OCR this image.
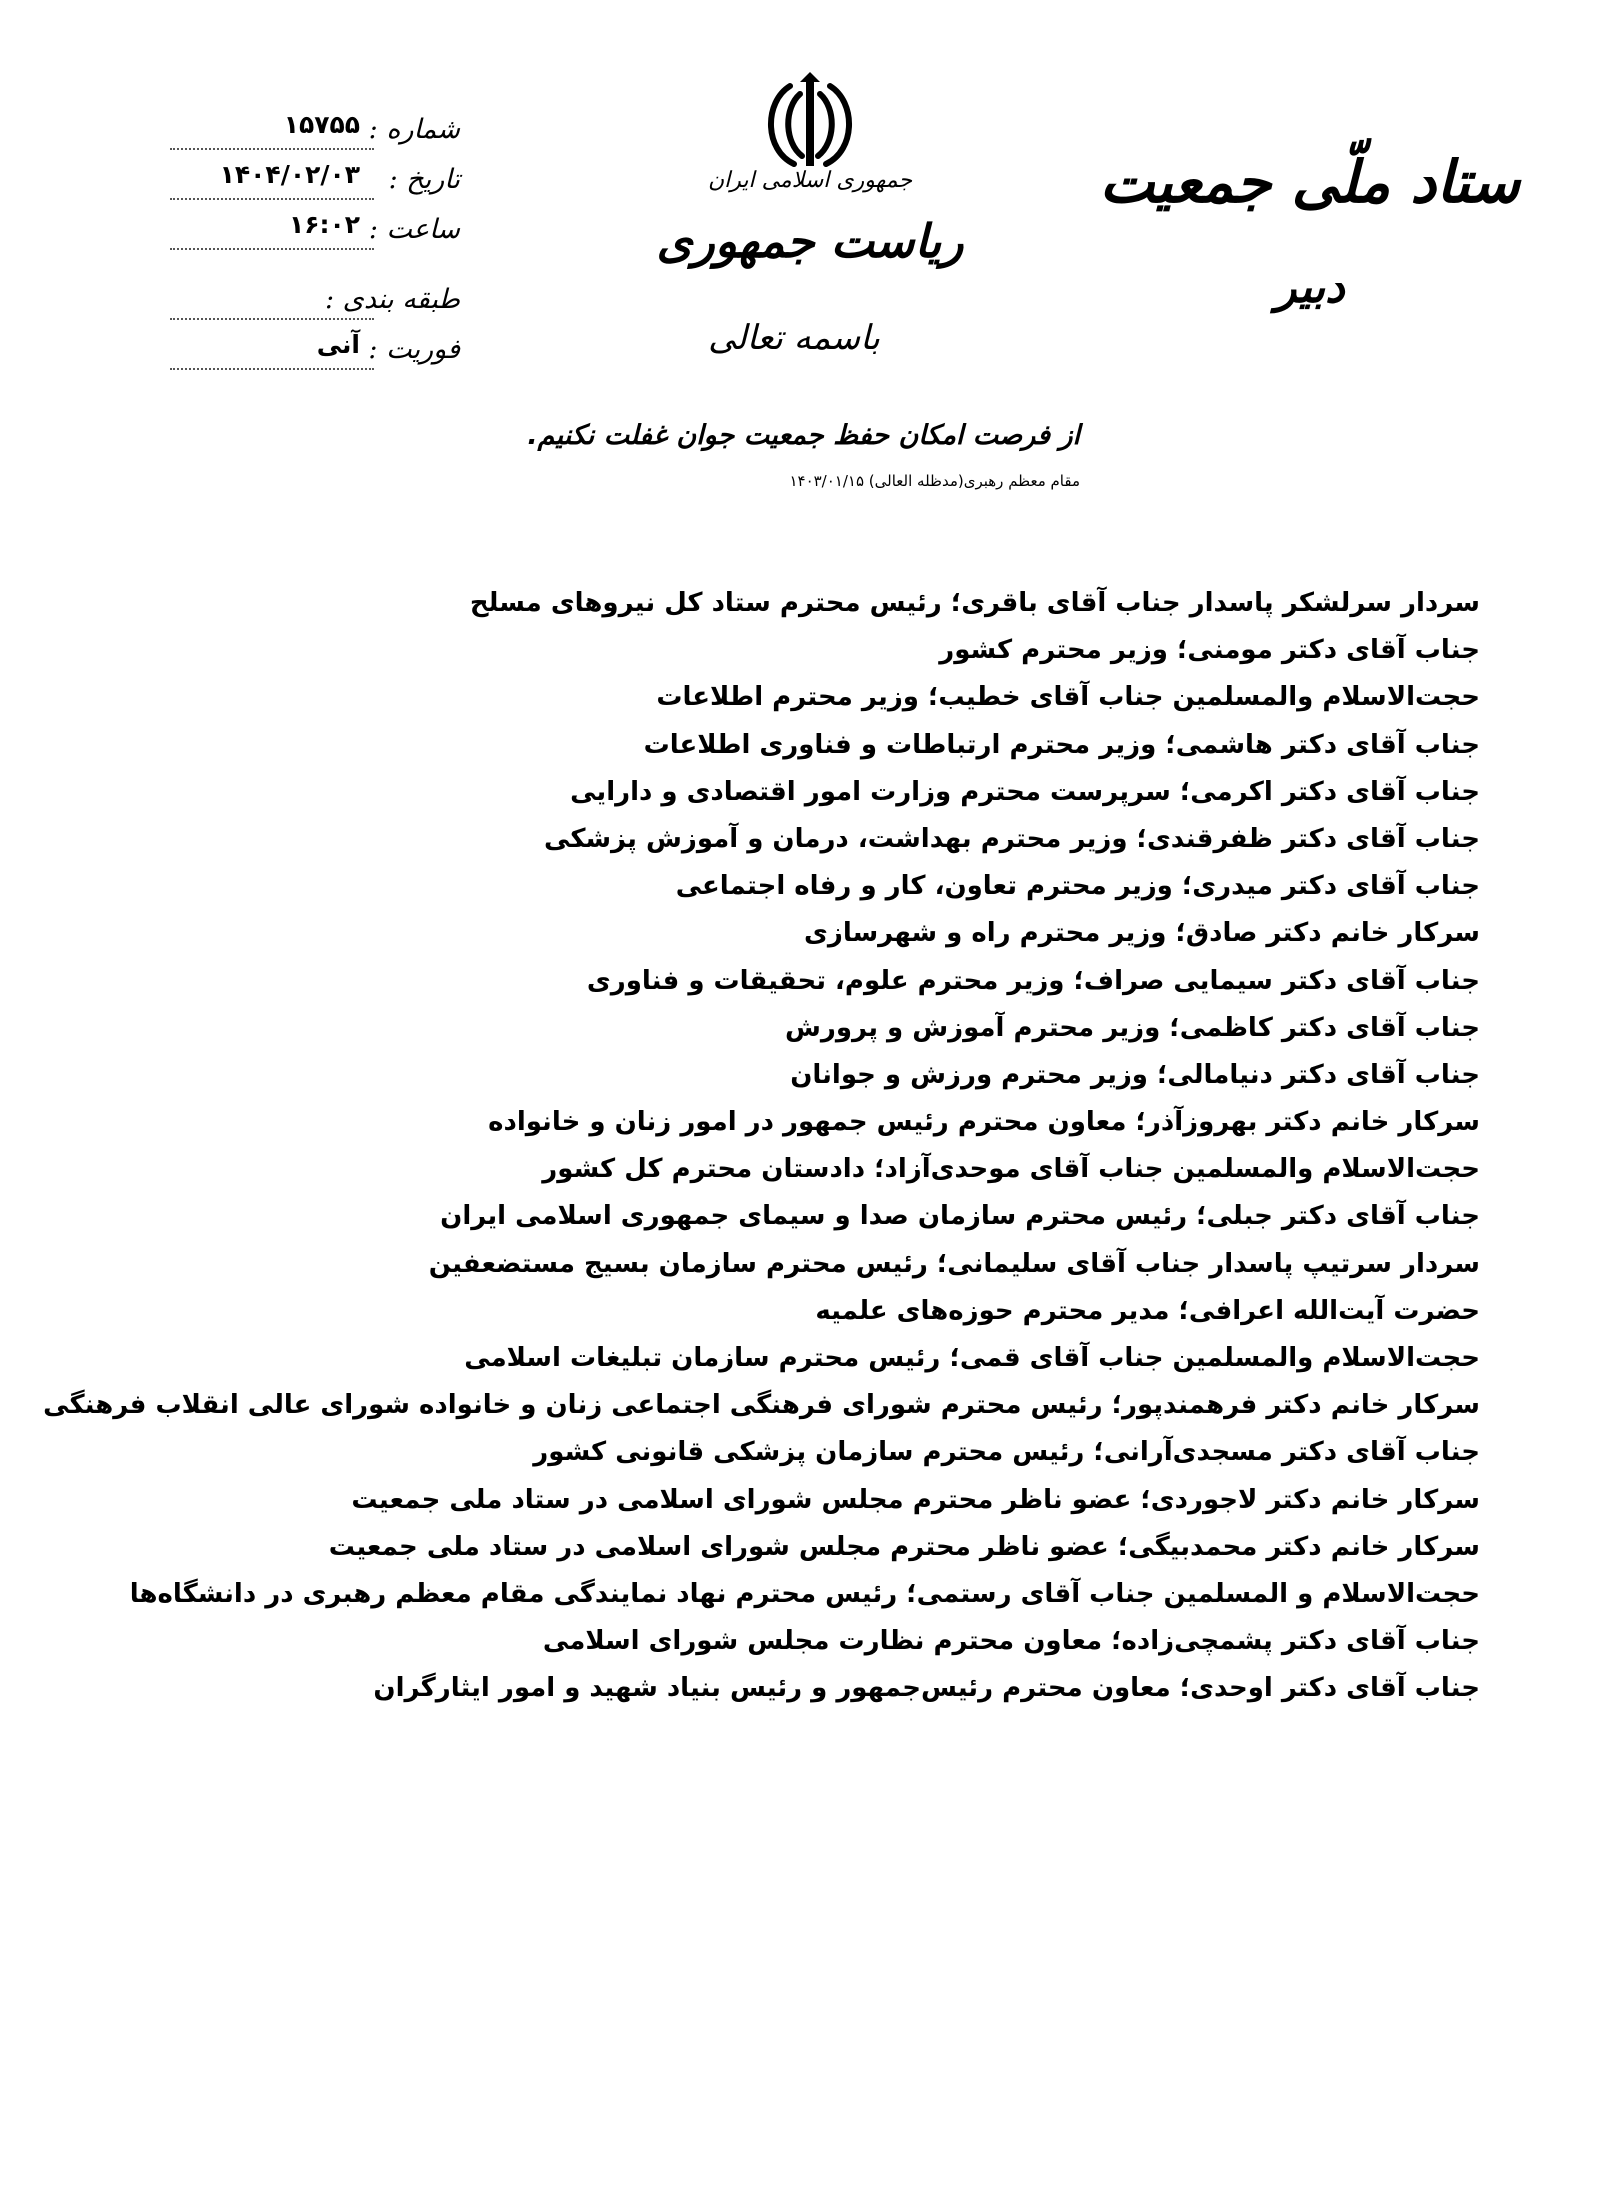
شماره :
۱۵۷۵۵
تاریخ :
۱۴۰۴/۰۲/۰۳
ساعت :
۱۶:۰۲
طبقه بندی :
فوریت :
آنی
جمهوری اسلامی ایران
ریاست جمهوری
باسمه تعالی
از فرصت امکان حفظ جمعیت جوان غفلت نکنیم.
مقام معظم رهبری(مدظله العالی) ۱۴۰۳/۰۱/۱۵
ستاد ملّی جمعیت
دبیر
سردار سرلشکر پاسدار جناب آقای باقری؛ رئیس محترم ستاد کل نیروهای مسلح
جناب آقای دکتر مومنی؛ وزیر محترم کشور
حجت‌الاسلام والمسلمین جناب آقای خطیب؛ وزیر محترم اطلاعات
جناب آقای دکتر هاشمی؛ وزیر محترم ارتباطات و فناوری اطلاعات
جناب آقای دکتر اکرمی؛ سرپرست محترم وزارت امور اقتصادی و دارایی
جناب آقای دکتر ظفرقندی؛ وزیر محترم بهداشت، درمان و آموزش پزشکی
جناب آقای دکتر میدری؛ وزیر محترم تعاون، کار و رفاه اجتماعی
سرکار خانم دکتر صادق؛ وزیر محترم راه و شهرسازی
جناب آقای دکتر سیمایی صراف؛ وزیر محترم علوم، تحقیقات و فناوری
جناب آقای دکتر کاظمی؛ وزیر محترم آموزش و پرورش
جناب آقای دکتر دنیامالی؛ وزیر محترم ورزش و جوانان
سرکار خانم دکتر بهروزآذر؛ معاون محترم رئیس جمهور در امور زنان و خانواده
حجت‌الاسلام والمسلمین جناب آقای موحدی‌آزاد؛ دادستان محترم کل کشور
جناب آقای دکتر جبلی؛ رئیس محترم سازمان صدا و سیمای جمهوری اسلامی ایران
سردار سرتیپ پاسدار جناب آقای سلیمانی؛ رئیس محترم سازمان بسیج مستضعفین
حضرت آیت‌الله اعرافی؛ مدیر محترم حوزه‌های علمیه
حجت‌الاسلام والمسلمین جناب آقای قمی؛ رئیس محترم سازمان تبلیغات اسلامی
سرکار خانم دکتر فرهمندپور؛ رئیس محترم شورای فرهنگی اجتماعی زنان و خانواده شورای عالی انقلاب فرهنگی
جناب آقای دکتر مسجدی‌آرانی؛ رئیس محترم سازمان پزشکی قانونی کشور
سرکار خانم دکتر لاجوردی؛ عضو ناظر محترم مجلس شورای اسلامی در ستاد ملی جمعیت
سرکار خانم دکتر محمدبیگی؛ عضو ناظر محترم مجلس شورای اسلامی در ستاد ملی جمعیت
حجت‌الاسلام و المسلمین جناب آقای رستمی؛ رئیس محترم نهاد نمایندگی مقام معظم رهبری در دانشگاه‌ها
جناب آقای دکتر پشمچی‌زاده؛ معاون محترم نظارت مجلس شورای اسلامی
جناب آقای دکتر اوحدی؛ معاون محترم رئیس‌جمهور و رئیس بنیاد شهید و امور ایثارگران
